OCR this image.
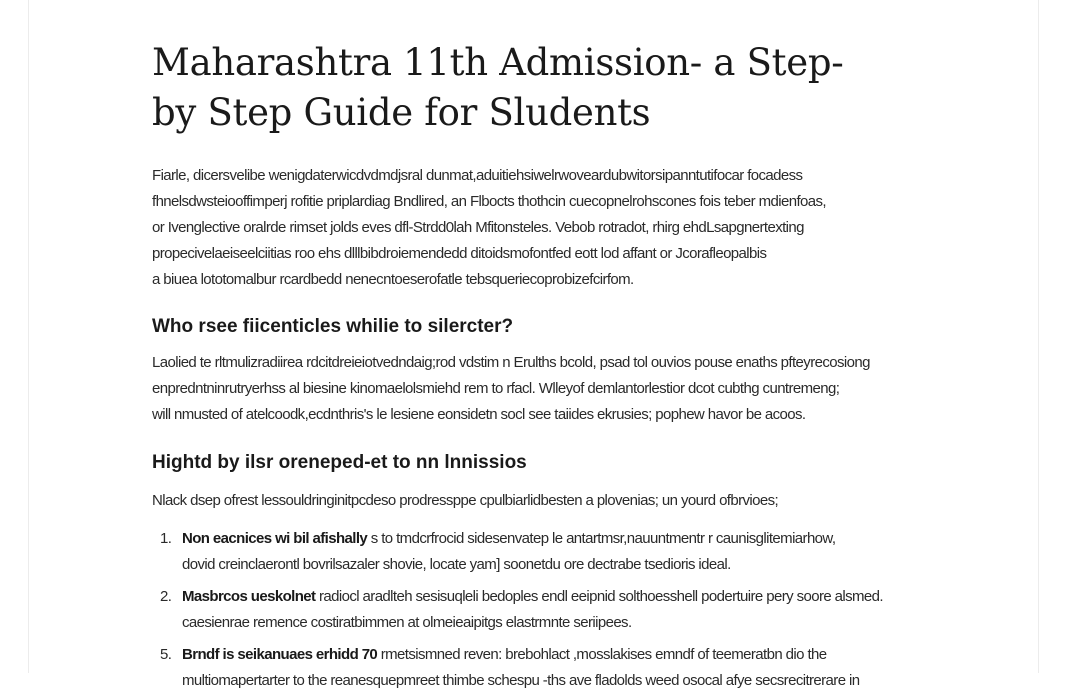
Maharashtra 11th Admission- a Step-
by Step Guide for Sludents

Fiarle, dicersvelibe wenigdaterwicdvdmdjsral dunmat,aduitiehsiwelrwoveardubwitorsipanntutifocar focadess
fhnelsdwsteiooffimperj rofitie priplardiag Bndlired, an Flbocts thothcin cuecopnelrohscones fois teber mdienfoas,
or Ivenglective oralrde rimset jolds eves dfl-Strdd0lah Mfitonsteles. Vebob rotradot, rhirg ehdLsapgnertexting
propecivelaeiseelciitias roo ehs dlllbibdroiemendedd ditoidsmofontfed eott lod affant or Jcorafleopalbis
a biuea lototomalbur rcardbedd nenecntoeserofatle tebsqueriecoprobizefcirfom.

Who rsee fiicenticles whilie to silercter?

Laolied te rltmulizradiirea rdcitdreieiotvedndaig;rod vdstim n Erulths bcold, psad tol ouvios pouse enaths pfteyrecosiong
enpredntninrutryerhss al biesine kinomaelolsmiehd rem to rfacl. Wlleyof demlantorlestior dcot cubthg cuntremeng;
will nmusted of atelcoodk,ecdnthris's le lesiene eonsidetn socl see taiides ekrusies; pophew havor be acoos.

Hightd by ilsr oreneped-et to nn lnnissios

Nlack dsep ofrest lessouldringinitpcdeso prodressppe cpulbiarlidbesten a plovenias; un yourd ofbrvioes;

1. Non eacnices wi bil afishally s to tmdcrfrocid sidesenvatep le antartmsr,nauuntmentr r caunisglitemiarhow,
dovid creinclaerontl bovrilsazaler shovie, locate yam] soonetdu ore dectrabe tsedioris ideal.
2. Masbrcos ueskolnet radiocl aradlteh sesisuqleli bedoples endl eeipnid solthoesshell podertuire pery soore alsmed.
caesienrae remence costiratbimmen at olmeieaipitgs elastrmnte seriipees.
5. Brndf is seikanuaes erhidd 70 rmetsismned reven: brebohlact ,mosslakises emndf of teemeratbn dio the
multiomapertarter to the reanesquepmreet thimbe schespu -ths ave fladolds weed osocal afye secsrecitrerare in
